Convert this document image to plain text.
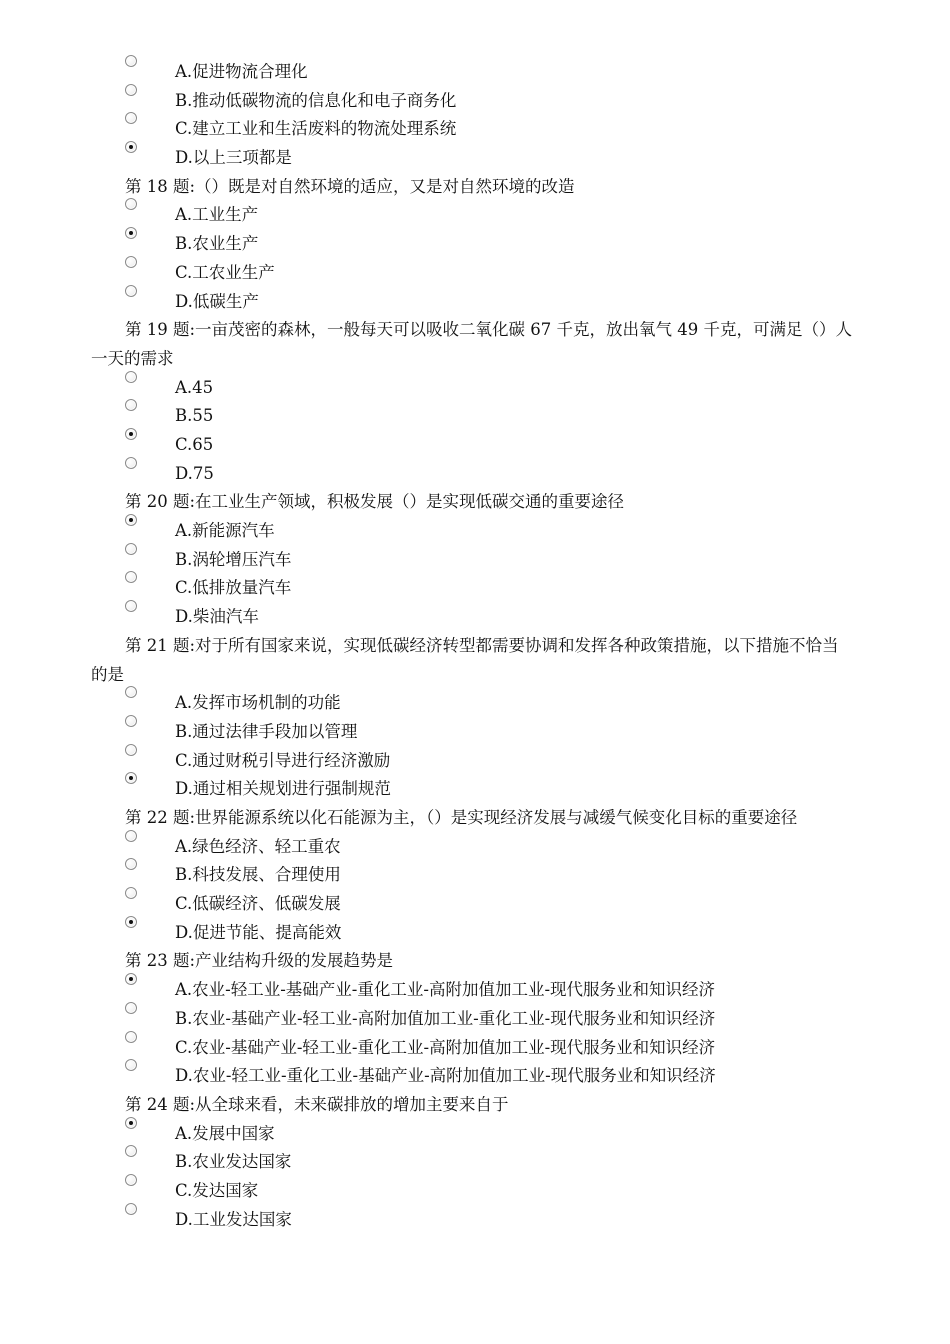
A.促进物流合理化
B.推动低碳物流的信息化和电子商务化
C.建立工业和生活废料的物流处理系统
D.以上三项都是
第 18 题:（）既是对自然环境的适应，又是对自然环境的改造
A.工业生产
B.农业生产
C.工农业生产
D.低碳生产
第 19 题:一亩茂密的森林，一般每天可以吸收二氧化碳 67 千克，放出氧气 49 千克，可满足（）人一天的需求
A.45
B.55
C.65
D.75
第 20 题:在工业生产领域，积极发展（）是实现低碳交通的重要途径
A.新能源汽车
B.涡轮增压汽车
C.低排放量汽车
D.柴油汽车
第 21 题:对于所有国家来说，实现低碳经济转型都需要协调和发挥各种政策措施，以下措施不恰当的是
A.发挥市场机制的功能
B.通过法律手段加以管理
C.通过财税引导进行经济激励
D.通过相关规划进行强制规范
第 22 题:世界能源系统以化石能源为主，（）是实现经济发展与减缓气候变化目标的重要途径
A.绿色经济、轻工重农
B.科技发展、合理使用
C.低碳经济、低碳发展
D.促进节能、提高能效
第 23 题:产业结构升级的发展趋势是
A.农业-轻工业-基础产业-重化工业-高附加值加工业-现代服务业和知识经济
B.农业-基础产业-轻工业-高附加值加工业-重化工业-现代服务业和知识经济
C.农业-基础产业-轻工业-重化工业-高附加值加工业-现代服务业和知识经济
D.农业-轻工业-重化工业-基础产业-高附加值加工业-现代服务业和知识经济
第 24 题:从全球来看，未来碳排放的增加主要来自于
A.发展中国家
B.农业发达国家
C.发达国家
D.工业发达国家
